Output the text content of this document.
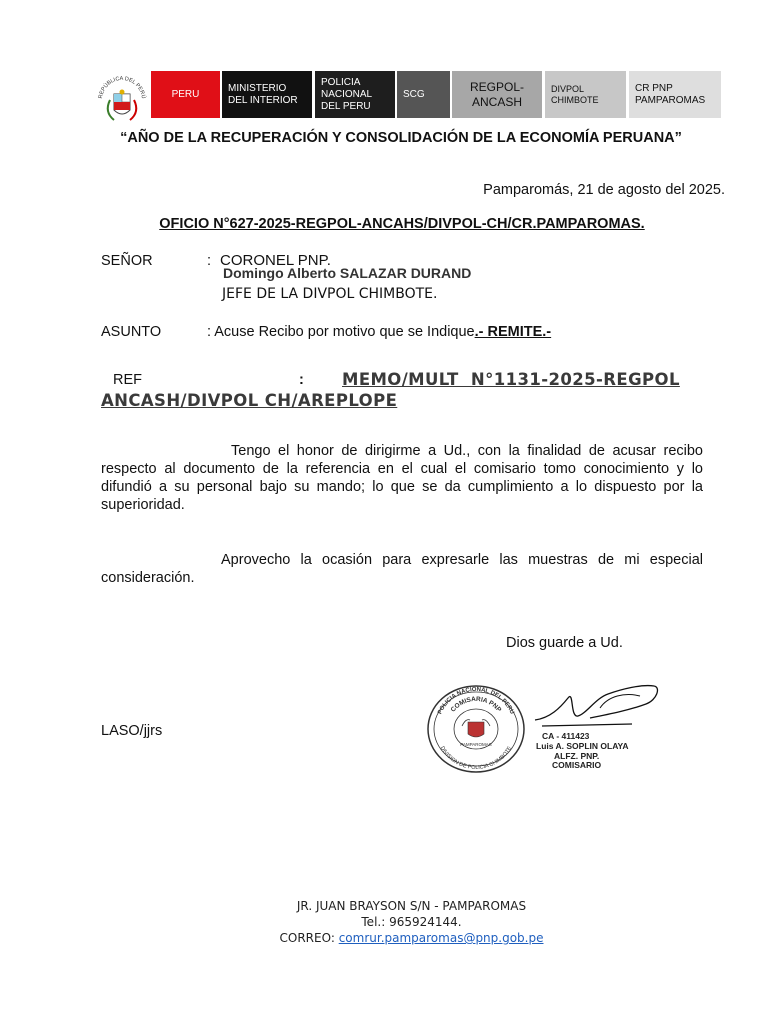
REPÚBLICA DEL PERÚ	PERU
MINISTERIO DEL INTERIOR
POLICIA NACIONAL DEL PERU
SCG
REGPOL- ANCASH
DIVPOL CHIMBOTE
CR PNP PAMPAROMAS
“AÑO DE LA RECUPERACIÓN Y CONSOLIDACIÓN DE LA ECONOMÍA PERUANA”
Pamparomás, 21 de agosto del 2025.
OFICIO N°627-2025-REGPOL-ANCAHS/DIVPOL-CH/CR.PAMPAROMAS.
SEÑOR	: CORONEL PNP.
Domingo Alberto SALAZAR DURAND
JEFE DE LA DIVPOL CHIMBOTE.
ASUNTO	: Acuse Recibo por motivo que se Indique.- REMITE.-
REF	: MEMO/MULT  N°1131-2025-REGPOL
ANCASH/DIVPOL CH/AREPLOPE
Tengo el honor de dirigirme a Ud., con la finalidad de acusar recibo respecto al documento de la referencia en el cual el comisario tomo conocimiento y lo difundió a su personal bajo su mando; lo que se da cumplimiento a lo dispuesto por la superioridad.
Aprovecho la ocasión para expresarle las muestras de mi especial consideración.
Dios guarde a Ud.
LASO/jjrs
POLICIA NACIONAL DEL PERU
COMISARIA PNP
DIVISION DE POLICIA CHIMBOTE
PAMPAROMAS
CA - 411423
Luis A. SOPLIN OLAYA
ALFZ. PNP.
COMISARIO
JR. JUAN BRAYSON S/N - PAMPAROMAS
Tel.: 965924144.
CORREO: comrur.pamparomas@pnp.gob.pe
